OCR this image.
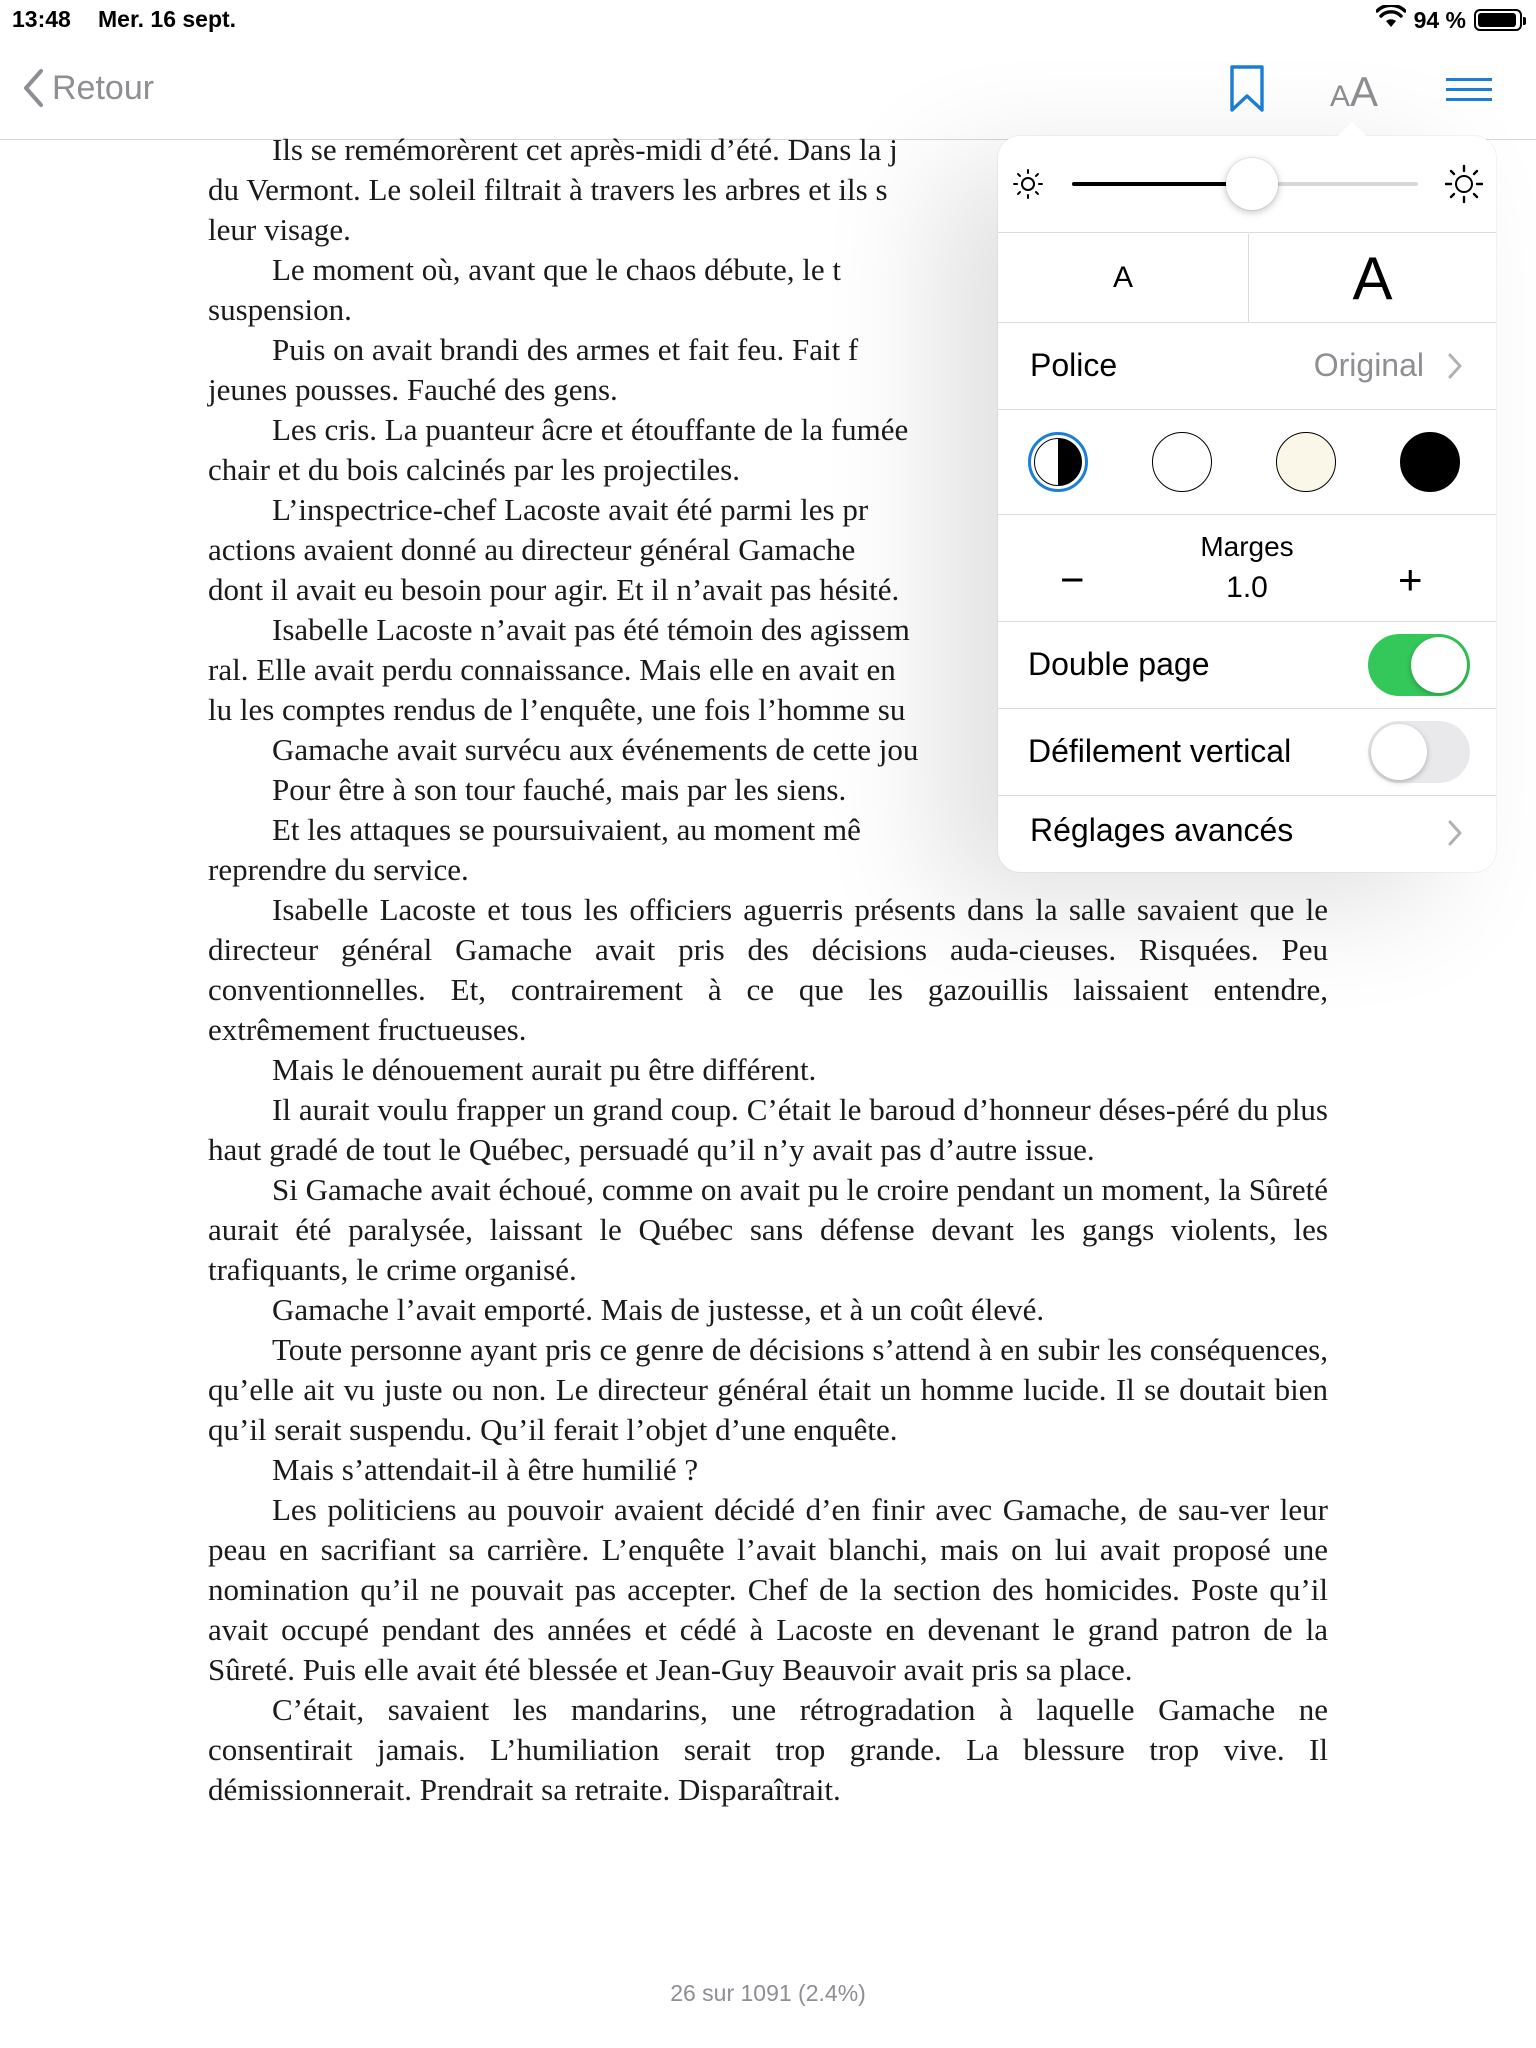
13:48 Mer. 16 sept.	94 %
Retour	A A

Ils se remémorèrent cet après-midi d’été. Dans la j

du Vermont. Le soleil filtrait à travers les arbres et ils s

leur visage.

Le moment où, avant que le chaos débute, le t

suspension.

Puis on avait brandi des armes et fait feu. Fait f

jeunes pousses. Fauché des gens.

Les cris. La puanteur âcre et étouffante de la fumée

chair et du bois calcinés par les projectiles.

L’inspectrice-chef Lacoste avait été parmi les pr

actions avaient donné au directeur général Gamache

dont il avait eu besoin pour agir. Et il n’avait pas hésité.

Isabelle Lacoste n’avait pas été témoin des agissem

ral. Elle avait perdu connaissance. Mais elle en avait en

lu les comptes rendus de l’enquête, une fois l’homme su

Gamache avait survécu aux événements de cette jou

Pour être à son tour fauché, mais par les siens.

Et les attaques se poursuivaient, au moment mê

reprendre du service.

Isabelle Lacoste et tous les officiers aguerris présents dans la salle savaient que le directeur général Gamache avait pris des décisions auda-cieuses. Risquées. Peu conventionnelles. Et, contrairement à ce que les gazouillis laissaient entendre, extrêmement fructueuses.

Mais le dénouement aurait pu être différent.

Il aurait voulu frapper un grand coup. C’était le baroud d’honneur déses-péré du plus haut gradé de tout le Québec, persuadé qu’il n’y avait pas d’autre issue.

Si Gamache avait échoué, comme on avait pu le croire pendant un moment, la Sûreté aurait été paralysée, laissant le Québec sans défense devant les gangs violents, les trafiquants, le crime organisé.

Gamache l’avait emporté. Mais de justesse, et à un coût élevé.

Toute personne ayant pris ce genre de décisions s’attend à en subir les conséquences, qu’elle ait vu juste ou non. Le directeur général était un homme lucide. Il se doutait bien qu’il serait suspendu. Qu’il ferait l’objet d’une enquête.

Mais s’attendait-il à être humilié ?

Les politiciens au pouvoir avaient décidé d’en finir avec Gamache, de sau-ver leur peau en sacrifiant sa carrière. L’enquête l’avait blanchi, mais on lui avait proposé une nomination qu’il ne pouvait pas accepter. Chef de la section des homicides. Poste qu’il avait occupé pendant des années et cédé à Lacoste en devenant le grand patron de la Sûreté. Puis elle avait été blessée et Jean-Guy Beauvoir avait pris sa place.

C’était, savaient les mandarins, une rétrogradation à laquelle Gamache ne consentirait jamais. L’humiliation serait trop grande. La blessure trop vive. Il démissionnerait. Prendrait sa retraite. Disparaîtrait.

26 sur 1091 (2.4%)
A	A
Police	Original
Marges
1.0
−	+
Double page
Défilement vertical
Réglages avancés
